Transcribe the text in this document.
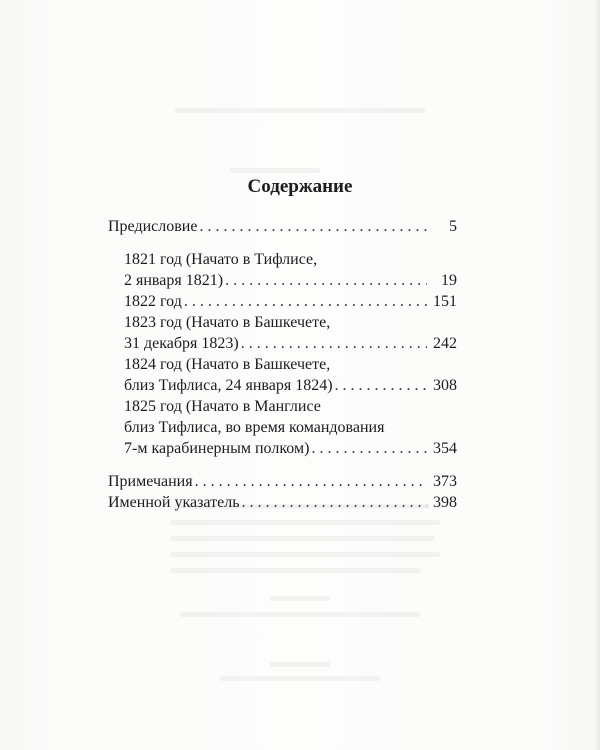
Содержание
Предисловие . . .	5
1821 год (Начато в Тифлисе,
2 января 1821) . . .	19
1822 год . . .	151
1823 год (Начато в Башкечете,
31 декабря 1823) . . .	242
1824 год (Начато в Башкечете,
близ Тифлиса, 24 января 1824) . . .	308
1825 год (Начато в Манглисе
близ Тифлиса, во время командования
7-м карабинерным полком) . . .	354
Примечания . . .	373
Именной указатель . . .	398
